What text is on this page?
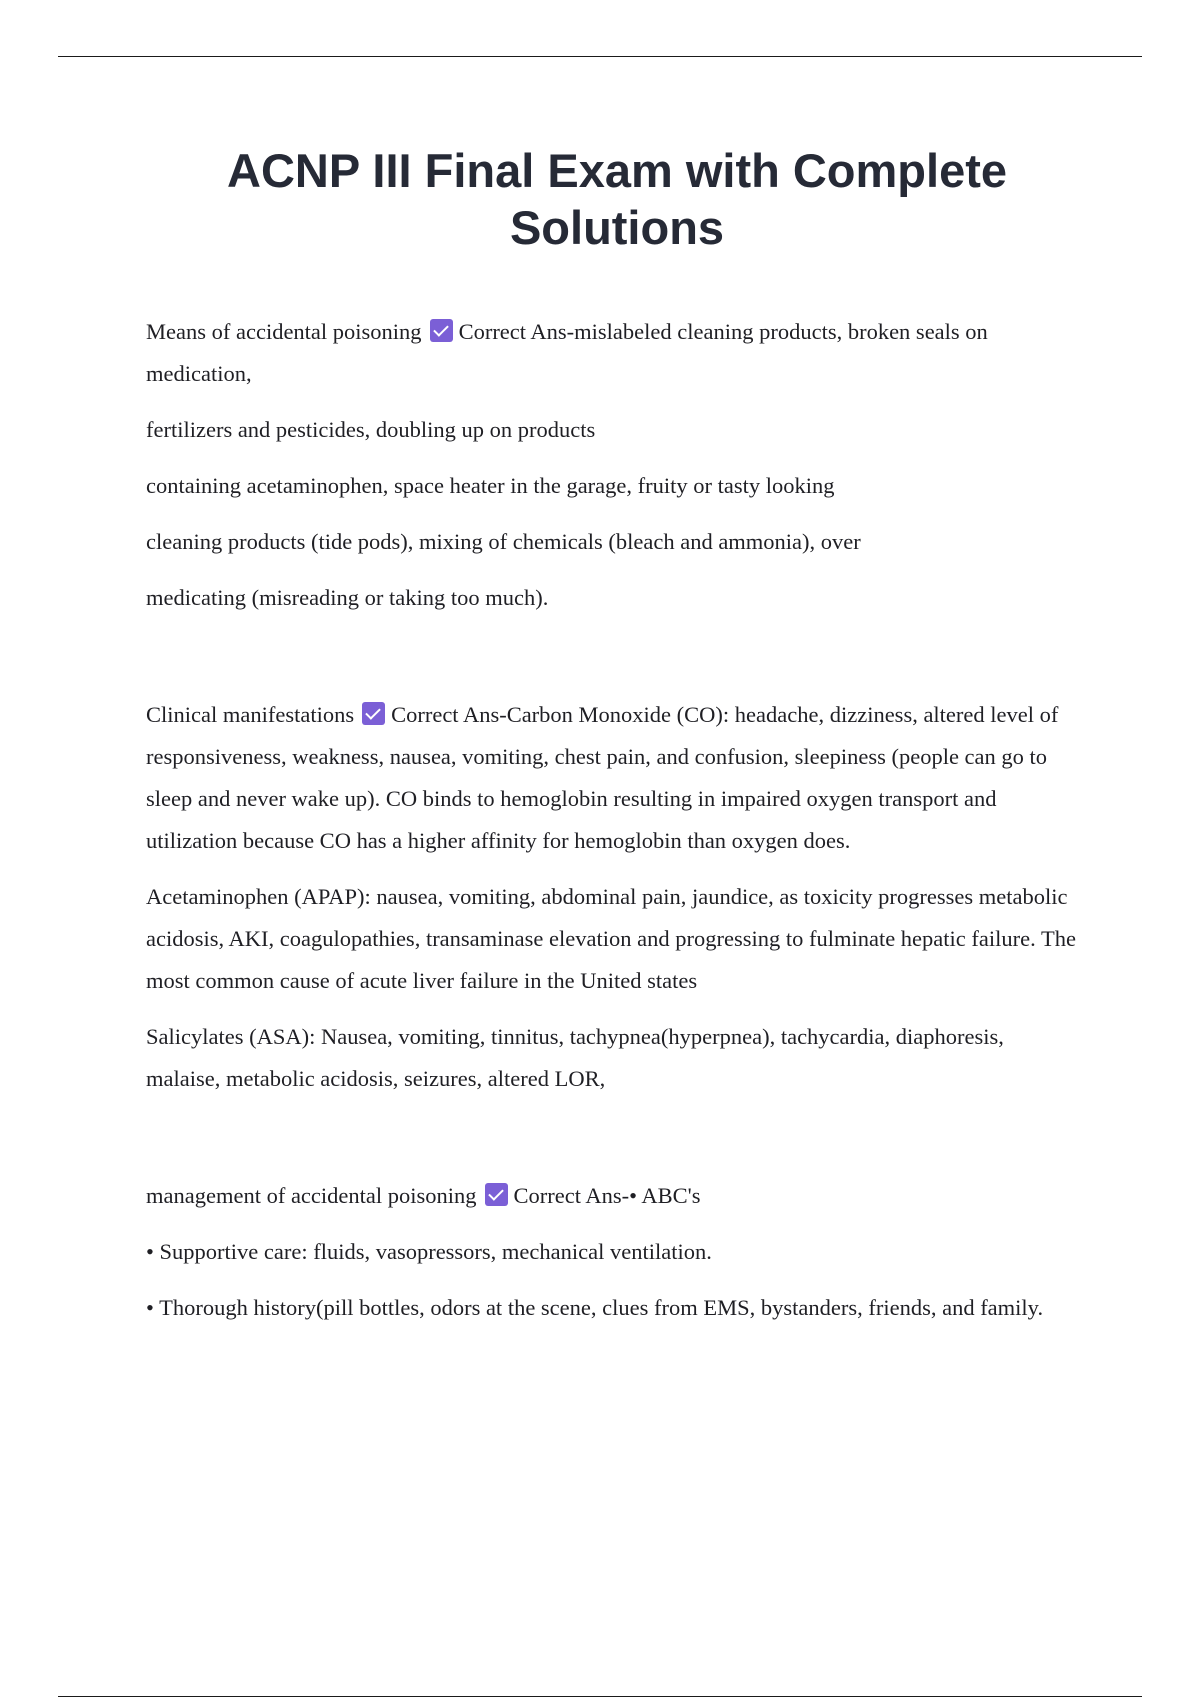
ACNP III Final Exam with Complete Solutions

Means of accidental poisoning Correct Ans-mislabeled cleaning products, broken seals on medication,

fertilizers and pesticides, doubling up on products

containing acetaminophen, space heater in the garage, fruity or tasty looking

cleaning products (tide pods), mixing of chemicals (bleach and ammonia), over

medicating (misreading or taking too much).

Clinical manifestations Correct Ans-Carbon Monoxide (CO): headache, dizziness, altered level of responsiveness, weakness, nausea, vomiting, chest pain, and confusion, sleepiness (people can go to sleep and never wake up). CO binds to hemoglobin resulting in impaired oxygen transport and utilization because CO has a higher affinity for hemoglobin than oxygen does.

Acetaminophen (APAP): nausea, vomiting, abdominal pain, jaundice, as toxicity progresses metabolic acidosis, AKI, coagulopathies, transaminase elevation and progressing to fulminate hepatic failure. The most common cause of acute liver failure in the United states

Salicylates (ASA): Nausea, vomiting, tinnitus, tachypnea(hyperpnea), tachycardia, diaphoresis, malaise, metabolic acidosis, seizures, altered LOR,

management of accidental poisoning Correct Ans-• ABC's

• Supportive care: fluids, vasopressors, mechanical ventilation.

• Thorough history(pill bottles, odors at the scene, clues from EMS, bystanders, friends, and family.
